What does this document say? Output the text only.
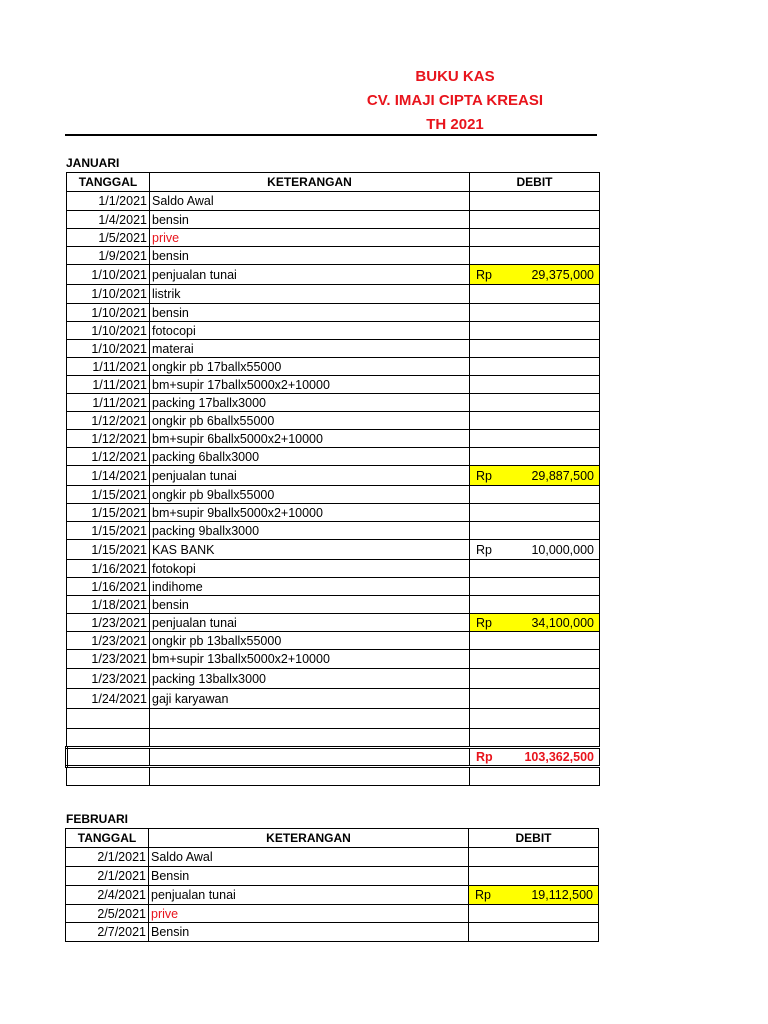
BUKU KAS
CV. IMAJI CIPTA KREASI
TH 2021
JANUARI
TANGGAL	KETERANGAN	DEBIT
1/1/2021	Saldo Awal	

1/4/2021	bensin	

1/5/2021	prive	

1/9/2021	bensin	

1/10/2021	penjualan tunai	Rp 29,375,000

1/10/2021	listrik	

1/10/2021	bensin	

1/10/2021	fotocopi	

1/10/2021	materai	

1/11/2021	ongkir pb 17ballx55000	

1/11/2021	bm+supir 17ballx5000x2+10000	

1/11/2021	packing 17ballx3000	

1/12/2021	ongkir pb 6ballx55000	

1/12/2021	bm+supir 6ballx5000x2+10000	

1/12/2021	packing 6ballx3000	

1/14/2021	penjualan tunai	Rp 29,887,500

1/15/2021	ongkir pb 9ballx55000	

1/15/2021	bm+supir 9ballx5000x2+10000	

1/15/2021	packing 9ballx3000	

1/15/2021	KAS BANK	Rp 10,000,000

1/16/2021	fotokopi	

1/16/2021	indihome	

1/18/2021	bensin	

1/23/2021	penjualan tunai	Rp 34,100,000

1/23/2021	ongkir pb 13ballx55000	

1/23/2021	bm+supir 13ballx5000x2+10000	

1/23/2021	packing 13ballx3000	

1/24/2021	gaji karyawan	

		Rp 103,362,500

FEBRUARI
TANGGAL	KETERANGAN	DEBIT
2/1/2021	Saldo Awal	

2/1/2021	Bensin	

2/4/2021	penjualan tunai	Rp 19,112,500

2/5/2021	prive	

2/7/2021	Bensin	
